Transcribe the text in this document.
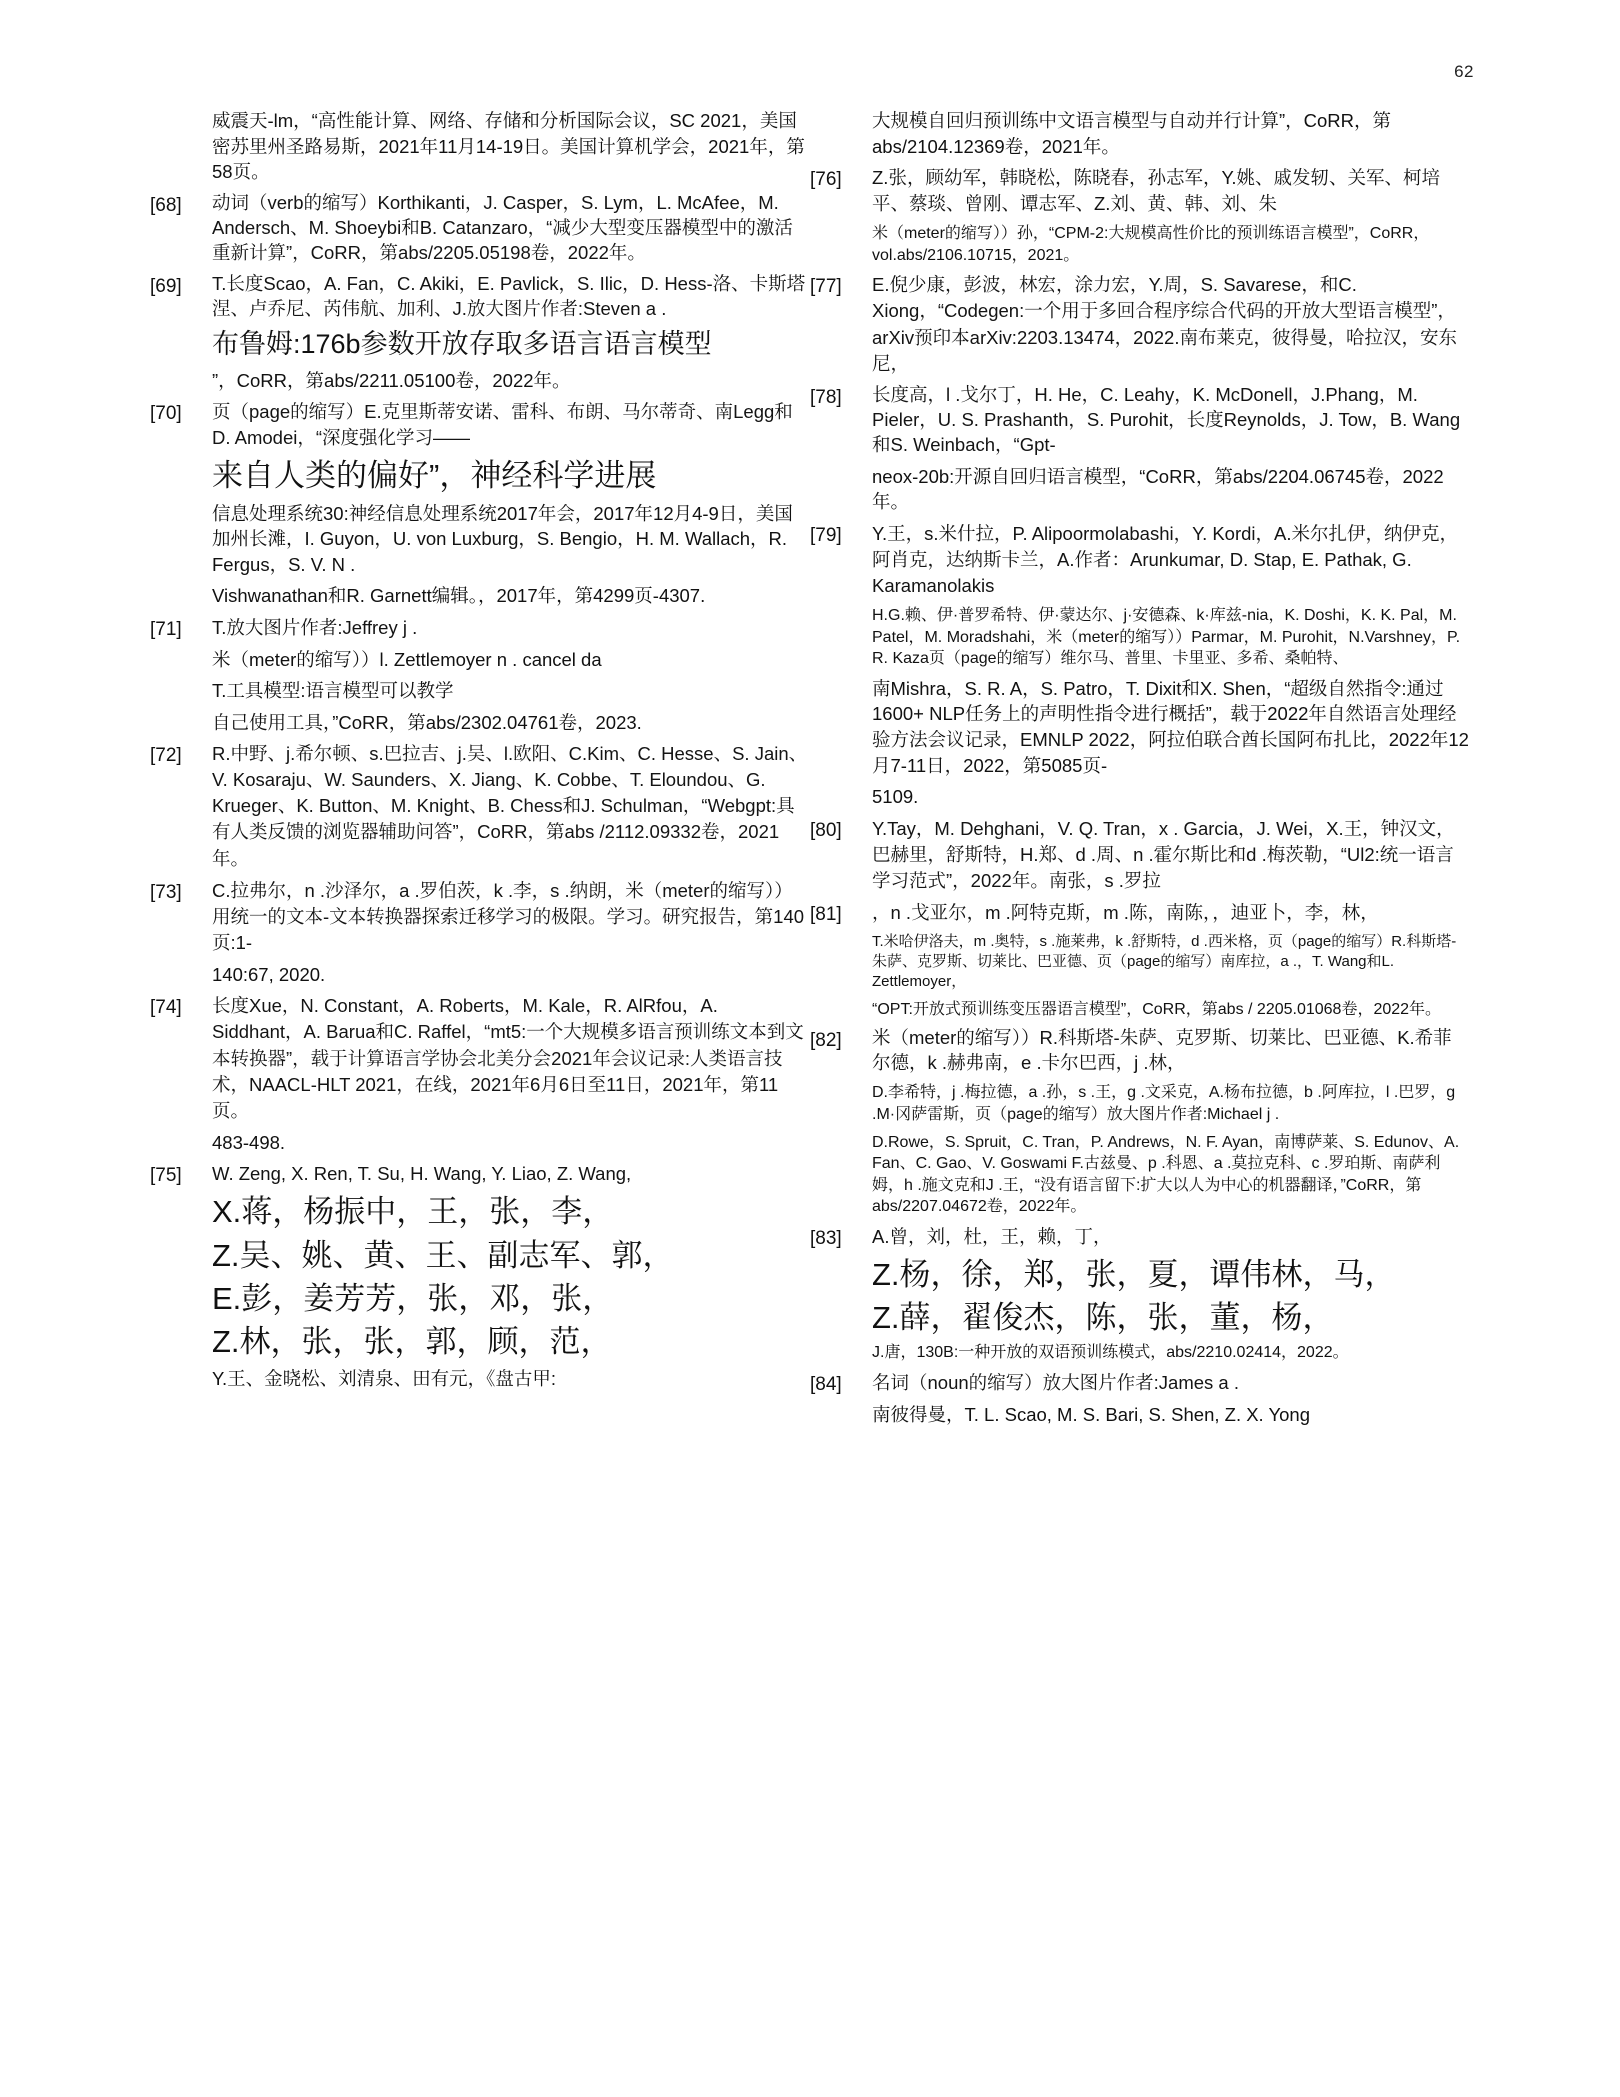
62
威震天-lm，“高性能计算、网络、存储和分析国际会议，SC 2021，美国密苏里州圣路易斯，2021年11月14-19日。美国计算机学会，2021年，第58页。
[68] 动词（verb的缩写）Korthikanti，J. Casper，S. Lym，L. McAfee，M. Andersch、M. Shoeybi和B. Catanzaro，“减少大型变压器模型中的激活重新计算”，CoRR，第abs/2205.05198卷，2022年。
[69] T.长度Scao，A. Fan，C. Akiki，E. Pavlick，S. Ilic，D. Hess-洛、卡斯塔涅、卢乔尼、芮伟航、加利、J.放大图片作者:Steven a .
布鲁姆:176b参数开放存取多语言语言模型
”，CoRR，第abs/2211.05100卷，2022年。
[70] 页（page的缩写）E.克里斯蒂安诺、雷科、布朗、马尔蒂奇、南Legg和D. Amodei，“深度强化学习——
来自人类的偏好”，神经科学进展
信息处理系统30:神经信息处理系统2017年会，2017年12月4-9日，美国加州长滩，I. Guyon，U. von Luxburg，S. Bengio，H. M. Wallach，R. Fergus，S. V. N .
Vishwanathan和R. Garnett编辑。，2017年，第4299页-4307.
[71] T.放大图片作者:Jeffrey j .
米（meter的缩写））l. Zettlemoyer n . cancel da
T.工具模型:语言模型可以教学
自己使用工具，”CoRR，第abs/2302.04761卷，2023.
[72] R.中野、j.希尔顿、s.巴拉吉、j.吴、l.欧阳、C.Kim、C. Hesse、S. Jain、V. Kosaraju、W. Saunders、X. Jiang、K. Cobbe、T. Eloundou、G. Krueger、K. Button、M. Knight、B. Chess和J. Schulman，“Webgpt:具有人类反馈的浏览器辅助问答”，CoRR，第abs /2112.09332卷，2021年。
[73] C.拉弗尔，n .沙泽尔，a .罗伯茨，k .李，s .纳朗，米（meter的缩写））用统一的文本-文本转换器探索迁移学习的极限。学习。研究报告，第140页:1-
140:67, 2020.
[74] 长度Xue，N. Constant，A. Roberts，M. Kale，R. AlRfou，A. Siddhant，A. Barua和C. Raffel，“mt5:一个大规模多语言预训练文本到文本转换器”，载于计算语言学协会北美分会2021年会议记录:人类语言技术，NAACL-HLT 2021，在线，2021年6月6日至11日，2021年，第11页。
483-498.
[75] W. Zeng, X. Ren, T. Su, H. Wang, Y. Liao, Z. Wang,
X.蒋，杨振中，王，张，李，
Z.吴、姚、黄、王、副志军、郭，
E.彭，姜芳芳，张，邓，张，
Z.林，张，张，郭，顾，范，
Y.王、金晓松、刘清泉、田有元，《盘古甲:
大规模自回归预训练中文语言模型与自动并行计算”，CoRR，第abs/2104.12369卷，2021年。
[76] Z.张，顾幼军，韩晓松，陈晓春，孙志军，Y.姚、戚发轫、关军、柯培平、蔡琰、曾刚、谭志军、Z.刘、黄、韩、刘、朱
米（meter的缩写））孙，“CPM-2:大规模高性价比的预训练语言模型”，CoRR，vol.abs/2106.10715，2021。
[77] E.倪少康，彭波，林宏，涂力宏，Y.周，S. Savarese，和C. Xiong，“Codegen:一个用于多回合程序综合代码的开放大型语言模型”，arXiv预印本arXiv:2203.13474，2022.南布莱克，彼得曼，哈拉汉，安东尼，
[78] 长度高，l .戈尔丁，H. He，C. Leahy，K. McDonell，J.Phang，M. Pieler，U. S. Prashanth，S. Purohit，长度Reynolds，J. Tow，B. Wang和S. Weinbach，“Gpt-
neox-20b:开源自回归语言模型，“CoRR，第abs/2204.06745卷，2022年。
[79] Y.王，s.米什拉，P. Alipoormolabashi，Y. Kordi，A.米尔扎伊，纳伊克，阿肖克，达纳斯卡兰，A.作者：Arunkumar, D. Stap, E. Pathak, G. Karamanolakis
H.G.赖、伊·普罗希特、伊·蒙达尔、j·安德森、k·库兹-nia，K. Doshi，K. K. Pal，M. Patel，M. Moradshahi，米（meter的缩写））Parmar，M. Purohit，N.Varshney，P. R. Kaza页（page的缩写）维尔马、普里、卡里亚、多希、桑帕特、
南Mishra，S. R. A，S. Patro，T. Dixit和X. Shen，“超级自然指令:通过1600+ NLP任务上的声明性指令进行概括”，载于2022年自然语言处理经验方法会议记录，EMNLP 2022，阿拉伯联合酋长国阿布扎比，2022年12月7-11日，2022，第5085页-
5109.
[80] Y.Tay，M. Dehghani，V. Q. Tran，x . Garcia，J. Wei，X.王，钟汉文，巴赫里，舒斯特，H.郑、d .周、n .霍尔斯比和d .梅茨勒，“Ul2:统一语言学习范式”，2022年。南张，s .罗拉
[81] ，n .戈亚尔，m .阿特克斯，m .陈，南陈，，迪亚卜，李，林，
T.米哈伊洛夫，m .奥特，s .施莱弗，k .舒斯特，d .西米格，页（page的缩写）R.科斯塔-朱萨、克罗斯、切莱比、巴亚德、页（page的缩写）南库拉，a .，T. Wang和L. Zettlemoyer，
“OPT:开放式预训练变压器语言模型”，CoRR，第abs / 2205.01068卷，2022年。
[82] 米（meter的缩写））R.科斯塔-朱萨、克罗斯、切莱比、巴亚德、K.希菲尔德，k .赫弗南，e .卡尔巴西，j .林，
D.李希特，j .梅拉德，a .孙，s .王，g .文采克，A.杨布拉德，b .阿库拉，l .巴罗，g .M·冈萨雷斯，页（page的缩写）放大图片作者:Michael j .
D.Rowe，S. Spruit，C. Tran，P. Andrews，N. F. Ayan，南博萨莱、S. Edunov、A. Fan、C. Gao、V. Goswami F.古兹曼、p .科恩、a .莫拉克科、c .罗珀斯、南萨利姆，h .施文克和J .王，“没有语言留下:扩大以人为中心的机器翻译，”CoRR，第abs/2207.04672卷，2022年。
[83] A.曾，刘，杜，王，赖，丁，
Z.杨，徐，郑，张，夏，谭伟林，马，
Z.薛，翟俊杰，陈，张，董，杨，
J.唐，130B:一种开放的双语预训练模式，abs/2210.02414，2022。
[84] 名词（noun的缩写）放大图片作者:James a .
南彼得曼，T. L. Scao, M. S. Bari, S. Shen, Z. X. Yong
